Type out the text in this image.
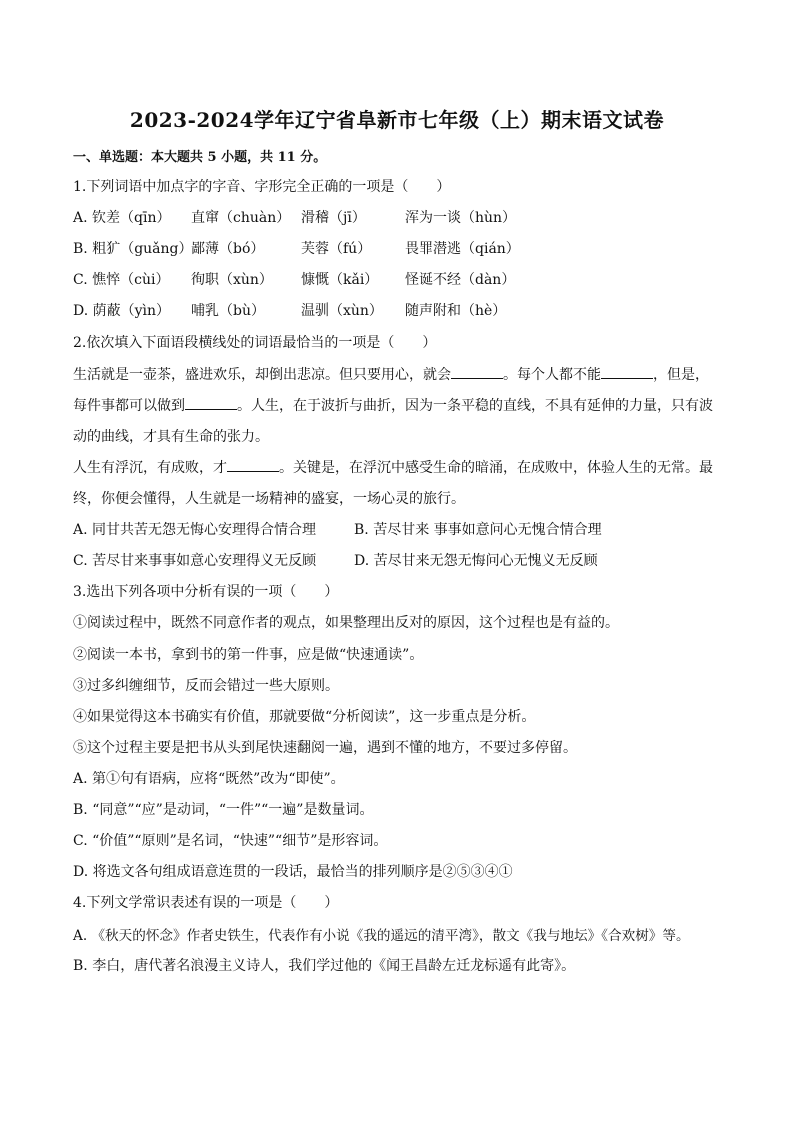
2023-2024学年辽宁省阜新市七年级（上）期末语文试卷
一、单选题：本大题共 5 小题，共 11 分。
1.下列词语中加点字的字音、字形完全正确的一项是（　　）
A. 钦差（qīn） 直窜（chuàn） 滑稽（jī）	浑为一谈（hùn）
B. 粗犷（guǎng）鄙薄（bó）	芙蓉（fú） 畏罪潜逃（qián）
C. 憔悴（cùi） 徇职（xùn） 慷慨（kǎi） 怪诞不经（dàn）
D. 荫蔽（yìn） 哺乳（bù）	温驯（xùn） 随声附和（hè）
2.依次填入下面语段横线处的词语最恰当的一项是（　　）
生活就是一壶茶，盛进欢乐，却倒出悲凉。但只要用心，就会	。每个人都不能	，但是，
每件事都可以做到	。人生，在于波折与曲折，因为一条平稳的直线，不具有延伸的力量，只有波
动的曲线，才具有生命的张力。
人生有浮沉，有成败，才	。关键是，在浮沉中感受生命的暗涌，在成败中，体验人生的无常。最
终，你便会懂得，人生就是一场精神的盛宴，一场心灵的旅行。
A. 同甘共苦无怨无悔心安理得合情合理	B. 苦尽甘来 事事如意问心无愧合情合理
C. 苦尽甘来事事如意心安理得义无反顾	D. 苦尽甘来无怨无悔问心无愧义无反顾
3.选出下列各项中分析有误的一项（　　）
①阅读过程中，既然不同意作者的观点，如果整理出反对的原因，这个过程也是有益的。
②阅读一本书，拿到书的第一件事，应是做“快速通读”。
③过多纠缠细节，反而会错过一些大原则。
④如果觉得这本书确实有价值，那就要做“分析阅读”，这一步重点是分析。
⑤这个过程主要是把书从头到尾快速翻阅一遍，遇到不懂的地方，不要过多停留。
A. 第①句有语病，应将“既然”改为“即使”。
B. “同意”“应”是动词，“一件”“一遍”是数量词。
C. “价值”“原则”是名词，“快速”“细节”是形容词。
D. 将选文各句组成语意连贯的一段话，最恰当的排列顺序是②⑤③④①
4.下列文学常识表述有误的一项是（　　）
A. 《秋天的怀念》作者史铁生，代表作有小说《我的遥远的清平湾》，散文《我与地坛》《合欢树》等。
B. 李白，唐代著名浪漫主义诗人，我们学过他的《闻王昌龄左迁龙标遥有此寄》。
